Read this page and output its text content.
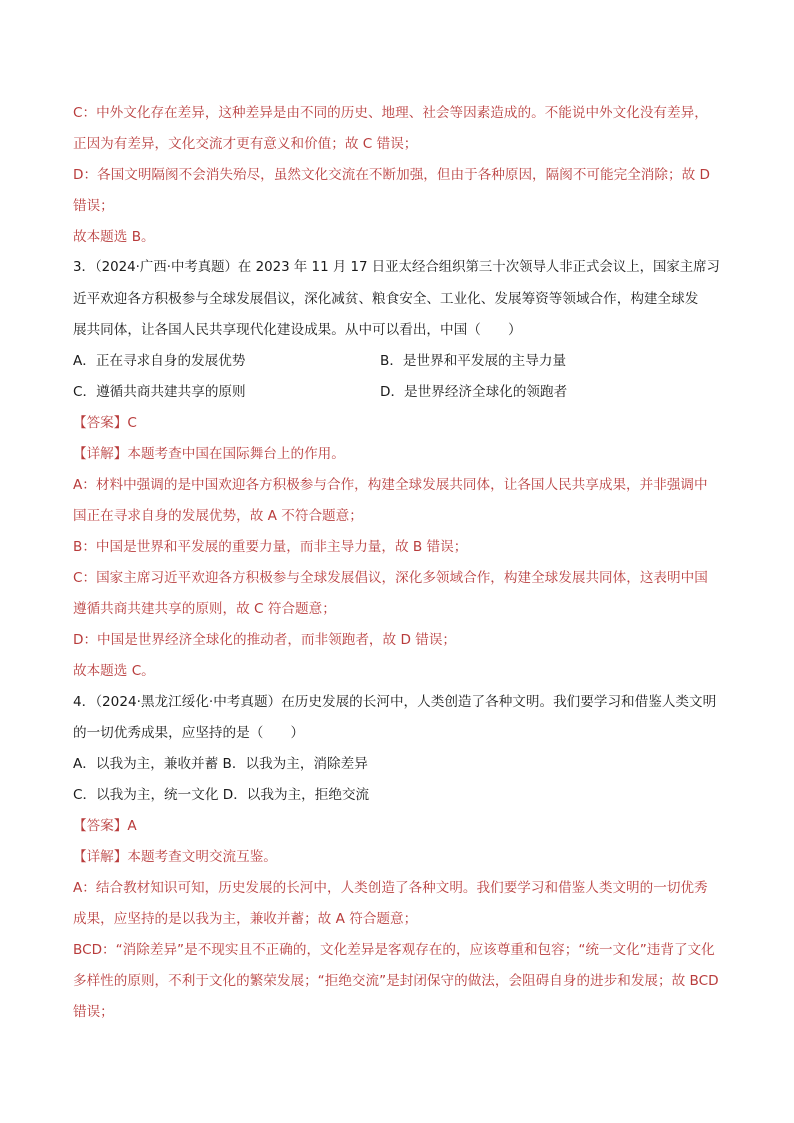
C：中外文化存在差异，这种差异是由不同的历史、地理、社会等因素造成的。不能说中外文化没有差异，
正因为有差异，文化交流才更有意义和价值；故 C 错误；
D：各国文明隔阂不会消失殆尽，虽然文化交流在不断加强，但由于各种原因，隔阂不可能完全消除；故 D
错误；
故本题选 B。
3．（2024·广西·中考真题）在 2023 年 11 月 17 日亚太经合组织第三十次领导人非正式会议上，国家主席习
近平欢迎各方积极参与全球发展倡议，深化减贫、粮食安全、工业化、发展筹资等领域合作，构建全球发
展共同体，让各国人民共享现代化建设成果。从中可以看出，中国（　　）
A．正在寻求自身的发展优势	B．是世界和平发展的主导力量
C．遵循共商共建共享的原则	D．是世界经济全球化的领跑者
【答案】C
【详解】本题考查中国在国际舞台上的作用。
A：材料中强调的是中国欢迎各方积极参与合作，构建全球发展共同体，让各国人民共享成果，并非强调中
国正在寻求自身的发展优势，故 A 不符合题意；
B：中国是世界和平发展的重要力量，而非主导力量，故 B 错误；
C：国家主席习近平欢迎各方积极参与全球发展倡议，深化多领域合作，构建全球发展共同体，这表明中国
遵循共商共建共享的原则，故 C 符合题意；
D：中国是世界经济全球化的推动者，而非领跑者，故 D 错误；
故本题选 C。
4．（2024·黑龙江绥化·中考真题）在历史发展的长河中，人类创造了各种文明。我们要学习和借鉴人类文明
的一切优秀成果，应坚持的是（　　）
A．以我为主，兼收并蓄 B．以我为主，消除差异
C．以我为主，统一文化 D．以我为主，拒绝交流
【答案】A
【详解】本题考查文明交流互鉴。
A：结合教材知识可知，历史发展的长河中，人类创造了各种文明。我们要学习和借鉴人类文明的一切优秀
成果，应坚持的是以我为主，兼收并蓄；故 A 符合题意；
BCD：“消除差异”是不现实且不正确的，文化差异是客观存在的，应该尊重和包容；“统一文化”违背了文化
多样性的原则，不利于文化的繁荣发展；“拒绝交流”是封闭保守的做法，会阻碍自身的进步和发展；故 BCD
错误；
